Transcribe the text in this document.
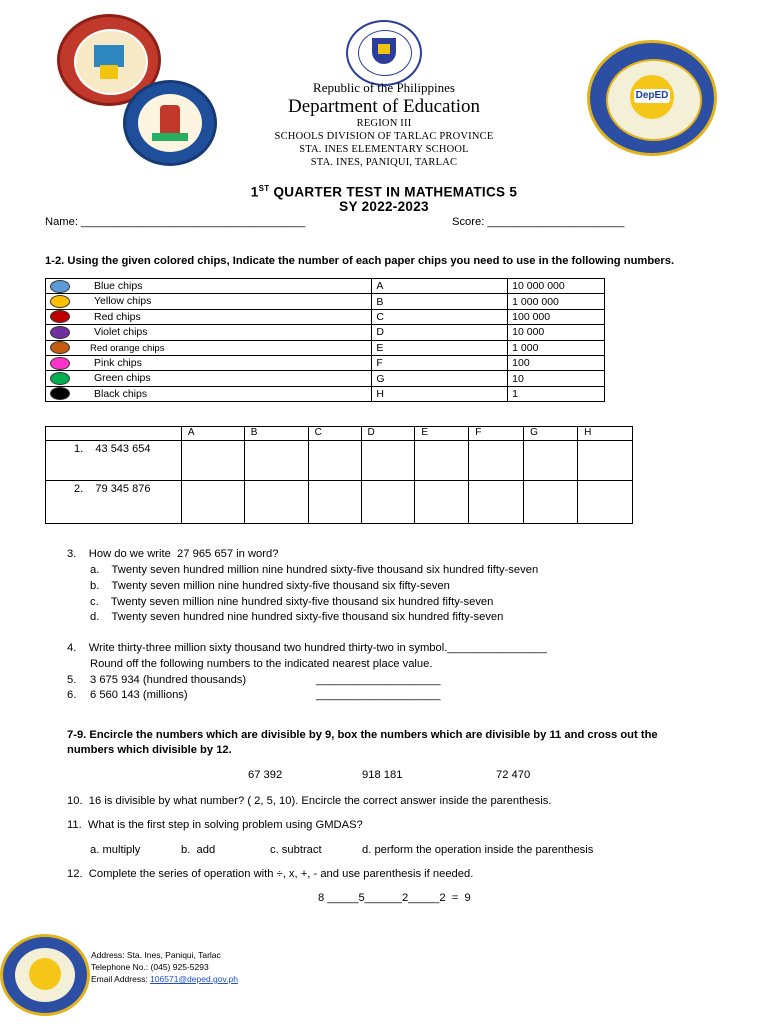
DepED
Republic of the Philippines
Department of Education
REGION III
SCHOOLS DIVISION OF TARLAC PROVINCE
STA. INES ELEMENTARY SCHOOL
STA. INES, PANIQUI, TARLAC
1ST QUARTER TEST IN MATHEMATICS 5
SY 2022-2023
Name: ____________________________________	Score: ______________________
1-2. Using the given colored chips, Indicate the number of each paper chips you need to use in the following numbers.
Blue chips	A	10 000 000
Yellow chips	B	1 000 000
Red chips	C	100 000
Violet chips	D	10 000
Red orange chips	E	1 000
Pink chips	F	100
Green chips	G	10
Black chips	H	1
	A	B	C	D	E	F	G	H
1.    43 543 654								
2.    79 345 876								
3.    How do we write  27 965 657 in word?
a.    Twenty seven hundred million nine hundred sixty-five thousand six hundred fifty-seven
b.    Twenty seven million nine hundred sixty-five thousand six fifty-seven
c.    Twenty seven million nine hundred sixty-five thousand six hundred fifty-seven
d.    Twenty seven hundred nine hundred sixty-five thousand six hundred fifty-seven
4.    Write thirty-three million sixty thousand two hundred thirty-two in symbol.________________
Round off the following numbers to the indicated nearest place value.
5. 3 675 934 (hundred thousands)	____________________
6. 6 560 143 (millions)	____________________
7-9. Encircle the numbers which are divisible by 9, box the numbers which are divisible by 11 and cross out the
numbers which divisible by 12.
67 392	918 181	72 470
10.  16 is divisible by what number? ( 2, 5, 10). Encircle the correct answer inside the parenthesis.
11.  What is the first step in solving problem using GMDAS?
a. multiply	b.  add	c. subtract	d. perform the operation inside the parenthesis
12.  Complete the series of operation with ÷, x, +, - and use parenthesis if needed.
8 _____5______2_____2  =  9
Address: Sta. Ines, Paniqui, Tarlac
Telephone No.: (045) 925-5293
Email Address: 106571@deped.gov.ph
